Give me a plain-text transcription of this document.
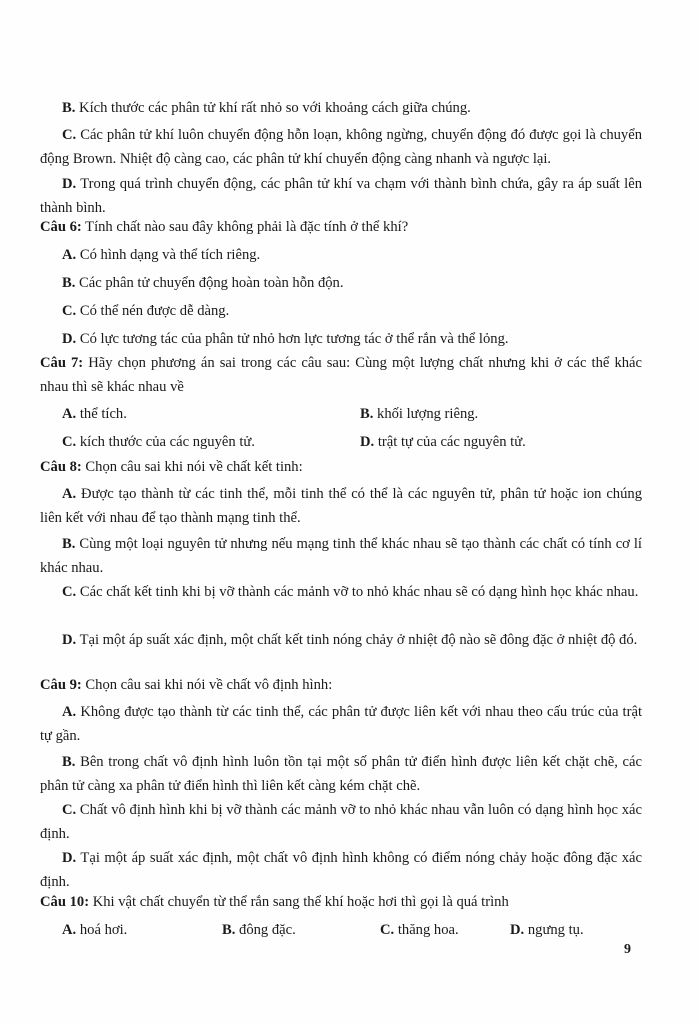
B. Kích thước các phân tử khí rất nhỏ so với khoảng cách giữa chúng.

C. Các phân tử khí luôn chuyển động hỗn loạn, không ngừng, chuyển động đó được gọi là chuyển động Brown. Nhiệt độ càng cao, các phân tử khí chuyển động càng nhanh và ngược lại.

D. Trong quá trình chuyển động, các phân tử khí va chạm với thành bình chứa, gây ra áp suất lên thành bình.

Câu 6: Tính chất nào sau đây không phải là đặc tính ở thể khí?

A. Có hình dạng và thể tích riêng.

B. Các phân tử chuyển động hoàn toàn hỗn độn.

C. Có thể nén được dễ dàng.

D. Có lực tương tác của phân tử nhỏ hơn lực tương tác ở thể rắn và thể lỏng.

Câu 7: Hãy chọn phương án sai trong các câu sau: Cùng một lượng chất nhưng khi ở các thể khác nhau thì sẽ khác nhau về

A. thể tích.	B. khối lượng riêng.
C. kích thước của các nguyên tử.	D. trật tự của các nguyên tử.

Câu 8: Chọn câu sai khi nói về chất kết tinh:

A. Được tạo thành từ các tinh thể, mỗi tinh thể có thể là các nguyên tử, phân tử hoặc ion chúng liên kết với nhau để tạo thành mạng tinh thể.

B. Cùng một loại nguyên tử nhưng nếu mạng tinh thể khác nhau sẽ tạo thành các chất có tính cơ lí khác nhau.

C. Các chất kết tinh khi bị vỡ thành các mảnh vỡ to nhỏ khác nhau sẽ có dạng hình học khác nhau.

D. Tại một áp suất xác định, một chất kết tinh nóng chảy ở nhiệt độ nào sẽ đông đặc ở nhiệt độ đó.

Câu 9: Chọn câu sai khi nói về chất vô định hình:

A. Không được tạo thành từ các tinh thể, các phân tử được liên kết với nhau theo cấu trúc của trật tự gần.

B. Bên trong chất vô định hình luôn tồn tại một số phân tử điển hình được liên kết chặt chẽ, các phân tử càng xa phân tử điển hình thì liên kết càng kém chặt chẽ.

C. Chất vô định hình khi bị vỡ thành các mảnh vỡ to nhỏ khác nhau vẫn luôn có dạng hình học xác định.

D. Tại một áp suất xác định, một chất vô định hình không có điểm nóng chảy hoặc đông đặc xác định.

Câu 10: Khi vật chất chuyển từ thể rắn sang thể khí hoặc hơi thì gọi là quá trình

A. hoá hơi.	B. đông đặc.	C. thăng hoa.	D. ngưng tụ.
9
